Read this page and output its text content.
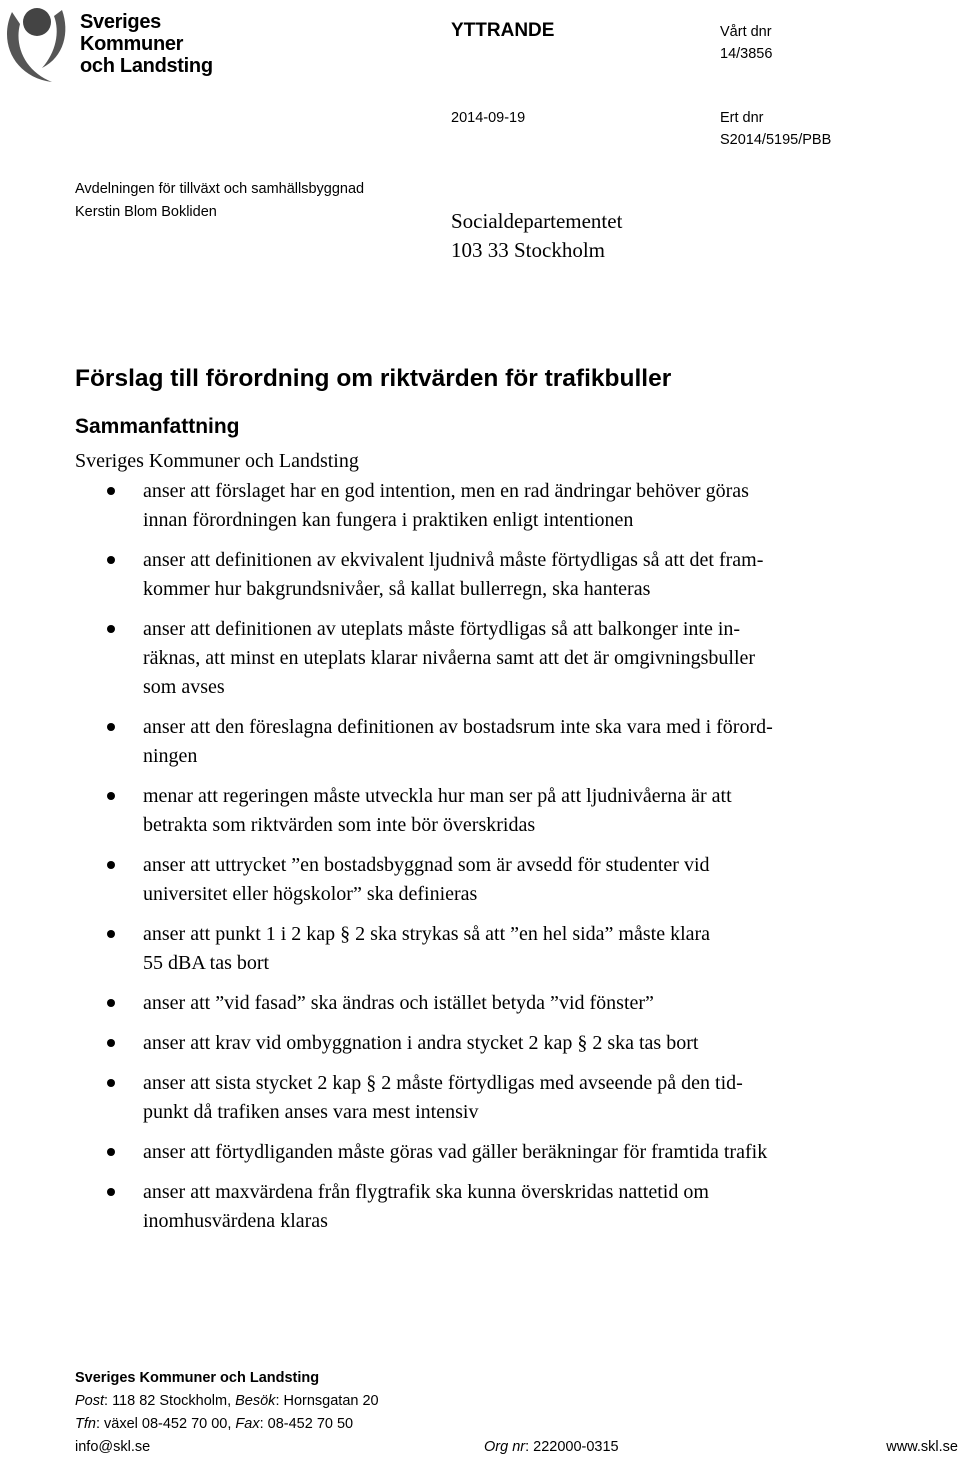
Sveriges
Kommuner
och Landsting
YTTRANDE	Vårt dnr
14/3856
2014-09-19	Ert dnr
S2014/5195/PBB
Avdelningen för tillväxt och samhällsbyggnad
Kerstin Blom Bokliden	Socialdepartementet
103 33 Stockholm
Förslag till förordning om riktvärden för trafikbuller
Sammanfattning
Sveriges Kommuner och Landsting
anser att förslaget har en god intention, men en rad ändringar behöver göras
innan förordningen kan fungera i praktiken enligt intentionen
anser att definitionen av ekvivalent ljudnivå måste förtydligas så att det fram-
kommer hur bakgrundsnivåer, så kallat bullerregn, ska hanteras
anser att definitionen av uteplats måste förtydligas så att balkonger inte in-
räknas, att minst en uteplats klarar nivåerna samt att det är omgivningsbuller
som avses
anser att den föreslagna definitionen av bostadsrum inte ska vara med i förord-
ningen
menar att regeringen måste utveckla hur man ser på att ljudnivåerna är att
betrakta som riktvärden som inte bör överskridas
anser att uttrycket ”en bostadsbyggnad som är avsedd för studenter vid
universitet eller högskolor” ska definieras
anser att punkt 1 i 2 kap § 2 ska strykas så att ”en hel sida” måste klara
55 dBA tas bort
anser att ”vid fasad” ska ändras och istället betyda ”vid fönster”
anser att krav vid ombyggnation i andra stycket 2 kap § 2 ska tas bort
anser att sista stycket 2 kap § 2 måste förtydligas med avseende på den tid-
punkt då trafiken anses vara mest intensiv
anser att förtydliganden måste göras vad gäller beräkningar för framtida trafik
anser att maxvärdena från flygtrafik ska kunna överskridas nattetid om
inomhusvärdena klaras
Sveriges Kommuner och Landsting
Post: 118 82 Stockholm, Besök: Hornsgatan 20
Tfn: växel 08-452 70 00, Fax: 08-452 70 50
info@skl.se	Org nr: 222000-0315	www.skl.se
